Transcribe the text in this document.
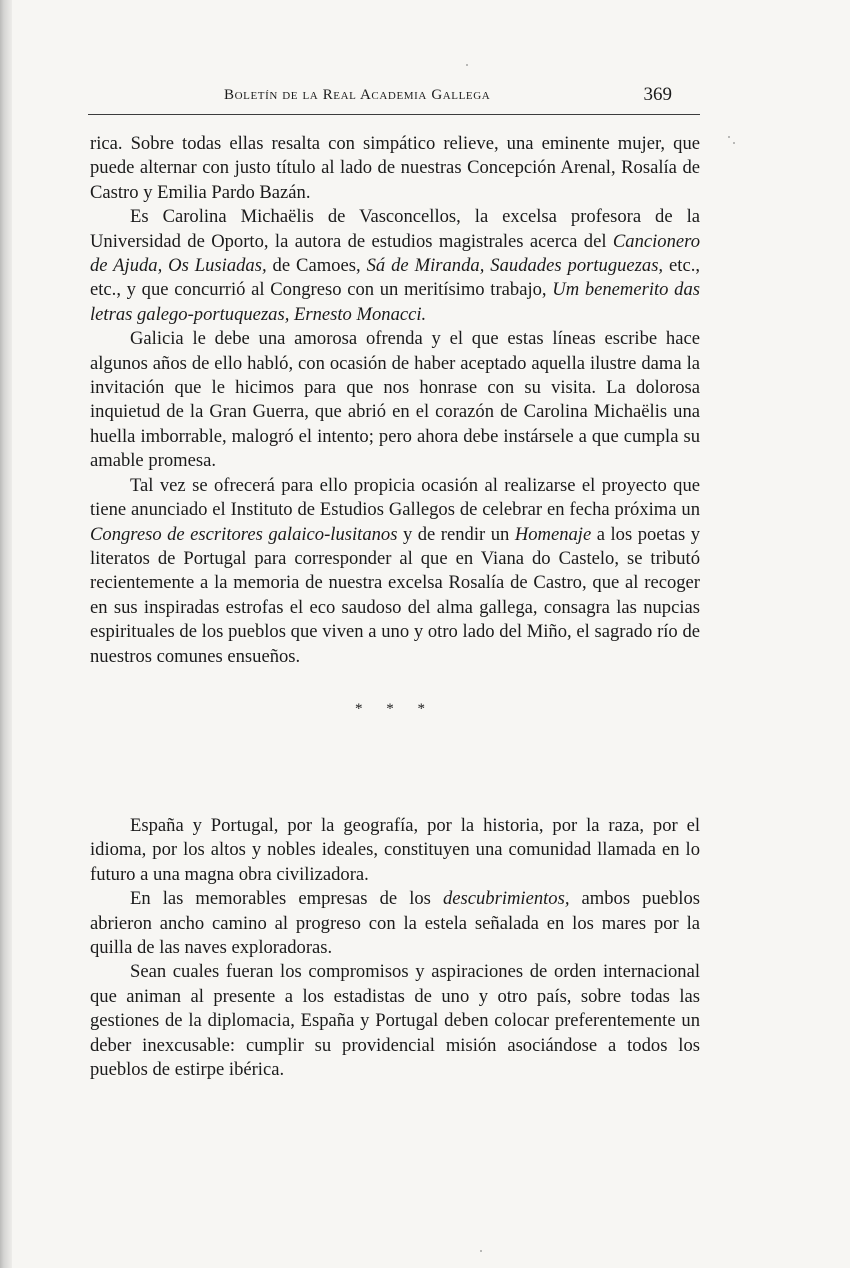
Boletín de la Real Academia Gallega	369

rica. Sobre todas ellas resalta con simpático relieve, una eminente mujer, que puede alternar con justo título al lado de nuestras Concepción Arenal, Rosalía de Castro y Emilia Pardo Bazán.

Es Carolina Michaëlis de Vasconcellos, la excelsa profesora de la Universidad de Oporto, la autora de estudios magistrales acerca del Cancionero de Ajuda, Os Lusiadas, de Camoes, Sá de Miranda, Saudades portuguezas, etc., etc., y que concurrió al Congreso con un meritísimo trabajo, Um benemerito das letras galego-portuquezas, Ernesto Monacci.

Galicia le debe una amorosa ofrenda y el que estas líneas escribe hace algunos años de ello habló, con ocasión de haber aceptado aquella ilustre dama la invitación que le hicimos para que nos honrase con su visita. La dolorosa inquietud de la Gran Guerra, que abrió en el corazón de Carolina Michaëlis una huella imborrable, malogró el intento; pero ahora debe instársele a que cumpla su amable promesa.

Tal vez se ofrecerá para ello propicia ocasión al realizarse el proyecto que tiene anunciado el Instituto de Estudios Gallegos de celebrar en fecha próxima un Congreso de escritores galaico-lusitanos y de rendir un Homenaje a los poetas y literatos de Portugal para corresponder al que en Viana do Castelo, se tributó recientemente a la memoria de nuestra excelsa Rosalía de Castro, que al recoger en sus inspiradas estrofas el eco saudoso del alma gallega, consagra las nupcias espirituales de los pueblos que viven a uno y otro lado del Miño, el sagrado río de nuestros comunes ensueños.

* * *

España y Portugal, por la geografía, por la historia, por la raza, por el idioma, por los altos y nobles ideales, constituyen una comunidad llamada en lo futuro a una magna obra civilizadora.

En las memorables empresas de los descubrimientos, ambos pueblos abrieron ancho camino al progreso con la estela señalada en los mares por la quilla de las naves exploradoras.

Sean cuales fueran los compromisos y aspiraciones de orden internacional que animan al presente a los estadistas de uno y otro país, sobre todas las gestiones de la diplomacia, España y Portugal deben colocar preferentemente un deber inexcusable: cumplir su providencial misión asociándose a todos los pueblos de estirpe ibérica.
